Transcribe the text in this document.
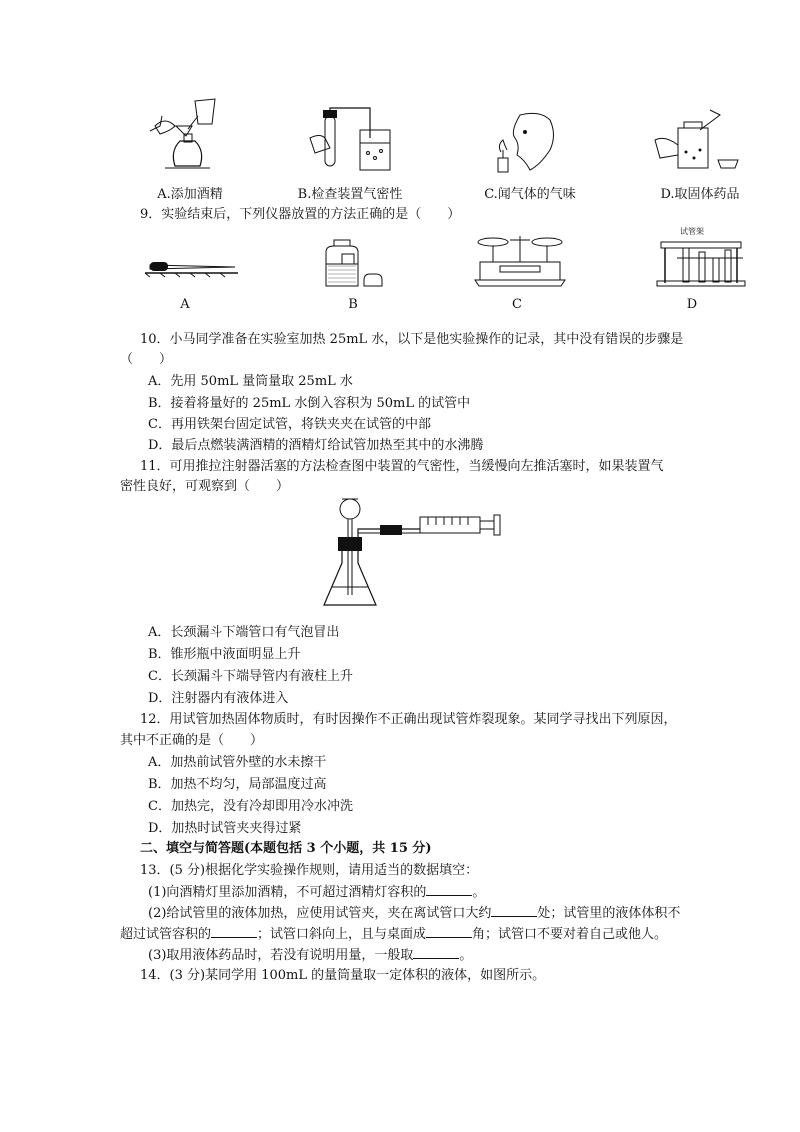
A.添加酒精	B.检查装置气密性	C.闻气体的气味	D.取固体药品
9．实验结束后，下列仪器放置的方法正确的是（　　）
A	B	C
试管架
D
10．小马同学准备在实验室加热 25mL 水，以下是他实验操作的记录，其中没有错误的步骤是
（　　）
A．先用 50mL 量筒量取 25mL 水
B．接着将量好的 25mL 水倒入容积为 50mL 的试管中
C．再用铁架台固定试管，将铁夹夹在试管的中部
D．最后点燃装满酒精的酒精灯给试管加热至其中的水沸腾
11．可用推拉注射器活塞的方法检查图中装置的气密性，当缓慢向左推活塞时，如果装置气
密性良好，可观察到（　　）
A．长颈漏斗下端管口有气泡冒出
B．锥形瓶中液面明显上升
C．长颈漏斗下端导管内有液柱上升
D．注射器内有液体进入
12．用试管加热固体物质时，有时因操作不正确出现试管炸裂现象。某同学寻找出下列原因，
其中不正确的是（　　）
A．加热前试管外壁的水未擦干
B．加热不均匀，局部温度过高
C．加热完，没有冷却即用冷水冲洗
D．加热时试管夹夹得过紧
二、填空与简答题(本题包括 3 个小题，共 15 分)
13．(5 分)根据化学实验操作规则，请用适当的数据填空：
(1)向酒精灯里添加酒精，不可超过酒精灯容积的	。
(2)给试管里的液体加热，应使用试管夹，夹在离试管口大约	处；试管里的液体体积不
超过试管容积的	；试管口斜向上，且与桌面成	角；试管口不要对着自己或他人。
(3)取用液体药品时，若没有说明用量，一般取	。
14．(3 分)某同学用 100mL 的量筒量取一定体积的液体，如图所示。
